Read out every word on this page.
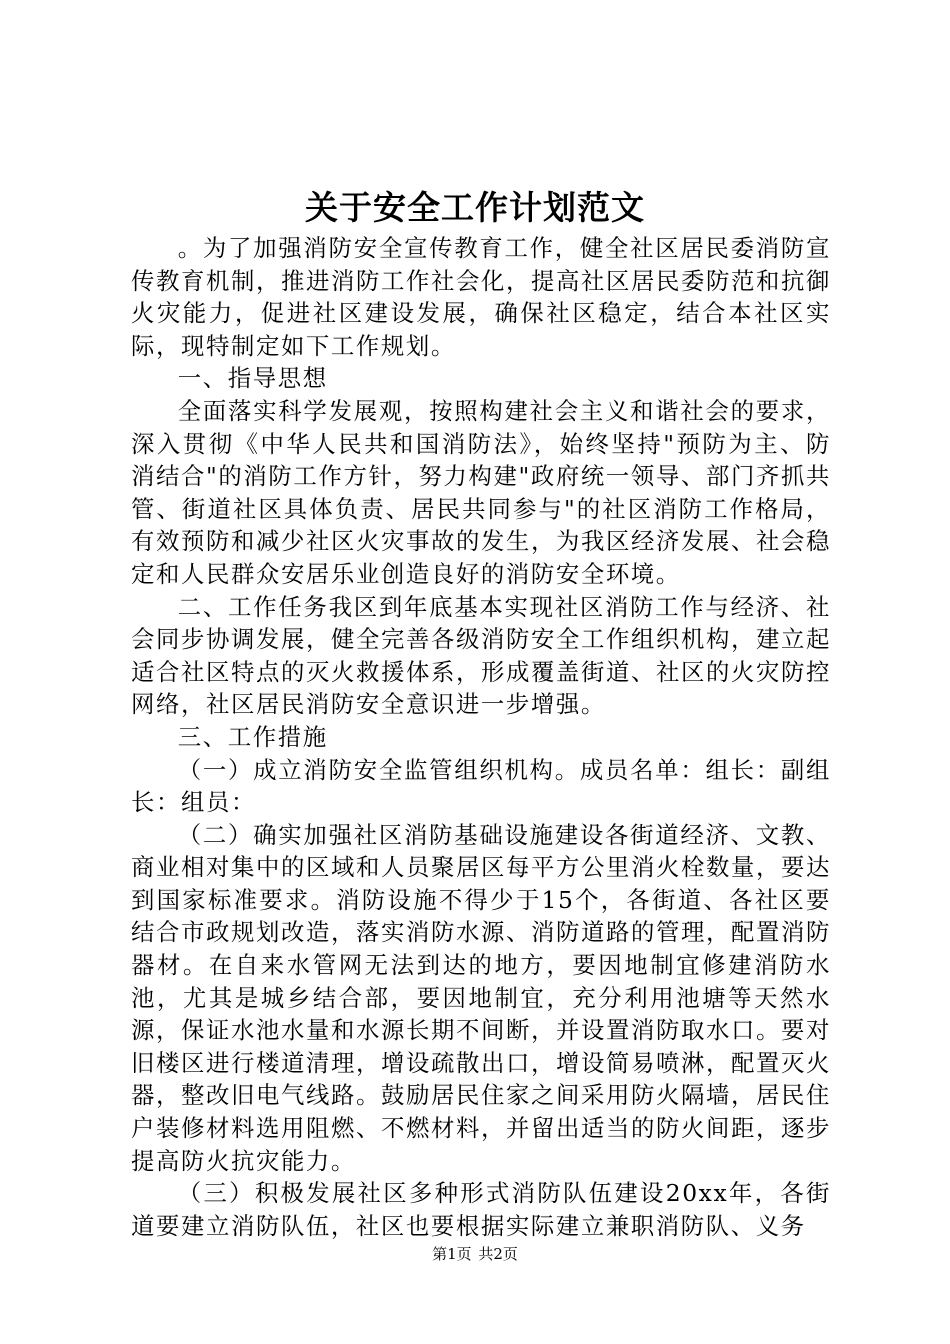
关于安全工作计划范文

。为了加强消防安全宣传教育工作，健全社区居民委消防宣传教育机制，推进消防工作社会化，提高社区居民委防范和抗御火灾能力，促进社区建设发展，确保社区稳定，结合本社区实际，现特制定如下工作规划。

一、指导思想

全面落实科学发展观，按照构建社会主义和谐社会的要求，深入贯彻《中华人民共和国消防法》，始终坚持"预防为主、防消结合"的消防工作方针，努力构建"政府统一领导、部门齐抓共管、街道社区具体负责、居民共同参与"的社区消防工作格局，有效预防和减少社区火灾事故的发生，为我区经济发展、社会稳定和人民群众安居乐业创造良好的消防安全环境。

二、工作任务我区到年底基本实现社区消防工作与经济、社会同步协调发展，健全完善各级消防安全工作组织机构，建立起适合社区特点的灭火救援体系，形成覆盖街道、社区的火灾防控网络，社区居民消防安全意识进一步增强。

三、工作措施

（一）成立消防安全监管组织机构。成员名单：组长：副组长：组员：

（二）确实加强社区消防基础设施建设各街道经济、文教、商业相对集中的区域和人员聚居区每平方公里消火栓数量，要达到国家标准要求。消防设施不得少于15个，各街道、各社区要结合市政规划改造，落实消防水源、消防道路的管理，配置消防器材。在自来水管网无法到达的地方，要因地制宜修建消防水池，尤其是城乡结合部，要因地制宜，充分利用池塘等天然水源，保证水池水量和水源长期不间断，并设置消防取水口。要对旧楼区进行楼道清理，增设疏散出口，增设简易喷淋，配置灭火器，整改旧电气线路。鼓励居民住家之间采用防火隔墙，居民住户装修材料选用阻燃、不燃材料，并留出适当的防火间距，逐步提高防火抗灾能力。

（三）积极发展社区多种形式消防队伍建设20xx年，各街道要建立消防队伍，社区也要根据实际建立兼职消防队、义务

第1页 共2页
